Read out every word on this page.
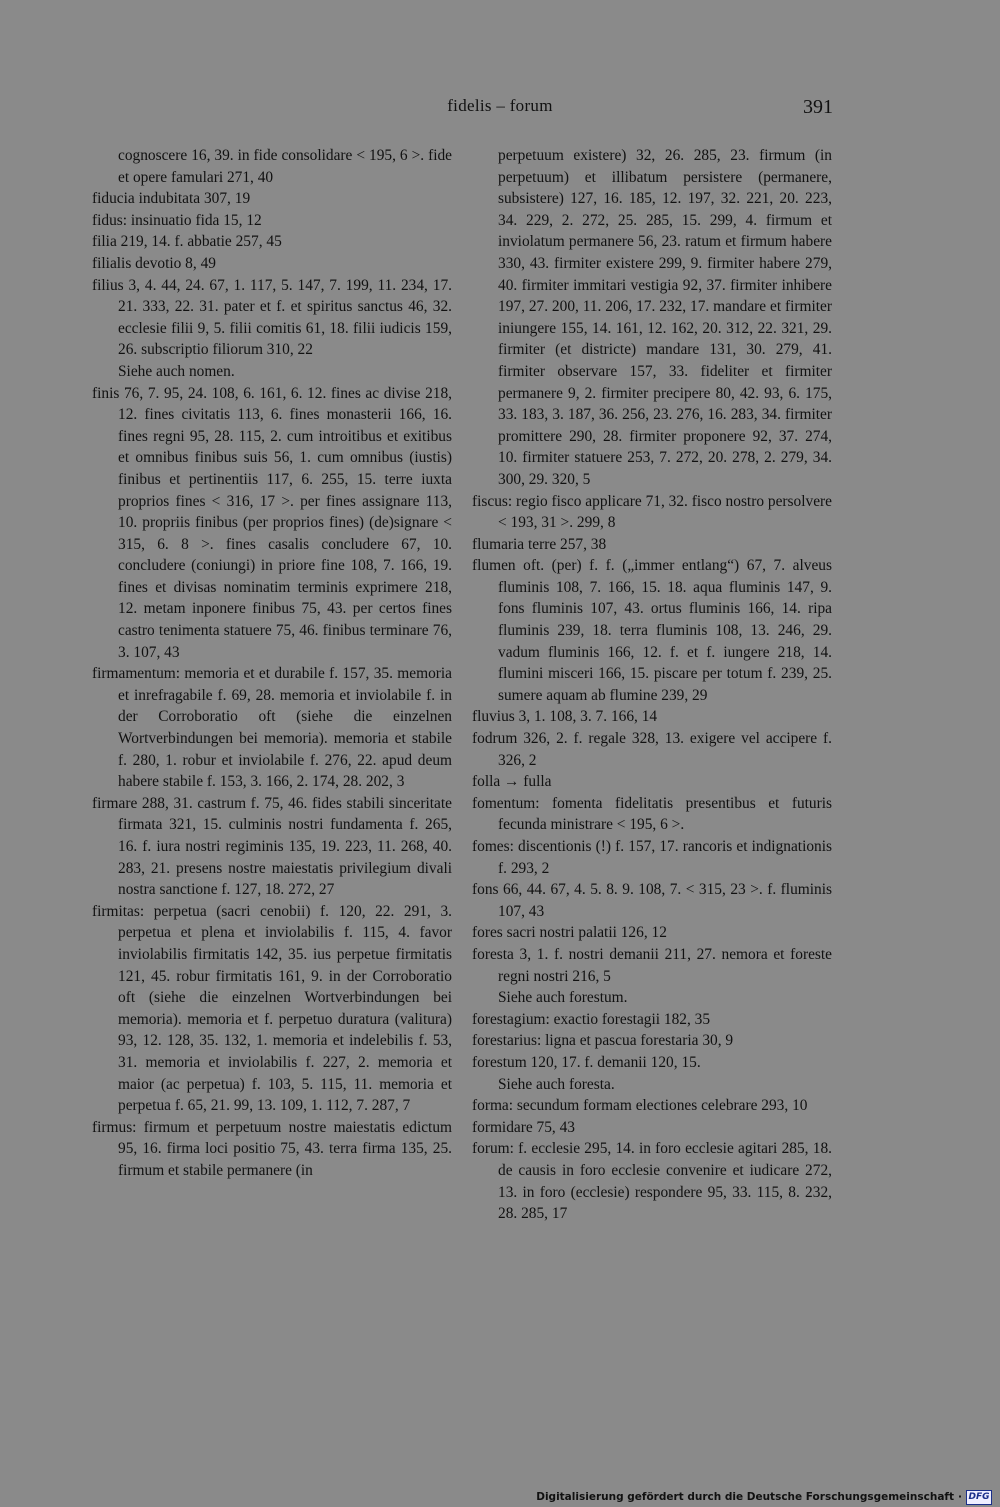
fidelis – forum	391
cognoscere 16, 39. in fide consolidare < 195, 6 >. fide et opere famulari 271, 40
fiducia indubitata 307, 19
fidus: insinuatio fida 15, 12
filia 219, 14. f. abbatie 257, 45
filialis devotio 8, 49
filius 3, 4. 44, 24. 67, 1. 117, 5. 147, 7. 199, 11. 234, 17. 21. 333, 22. 31. pater et f. et spiritus sanctus 46, 32. ecclesie filii 9, 5. filii comitis 61, 18. filii iudicis 159, 26. subscriptio filiorum 310, 22
Siehe auch nomen.
finis 76, 7. 95, 24. 108, 6. 161, 6. 12. fines ac divise 218, 12. fines civitatis 113, 6. fines monasterii 166, 16. fines regni 95, 28. 115, 2. cum introitibus et exitibus et omnibus finibus suis 56, 1. cum omnibus (iustis) finibus et pertinentiis 117, 6. 255, 15. terre iuxta proprios fines < 316, 17 >. per fines assignare 113, 10. propriis finibus (per proprios fines) (de)signare < 315, 6. 8 >. fines casalis concludere 67, 10. concludere (coniungi) in priore fine 108, 7. 166, 19. fines et divisas nominatim terminis exprimere 218, 12. metam inponere finibus 75, 43. per certos fines castro tenimenta statuere 75, 46. finibus terminare 76, 3. 107, 43
firmamentum: memoria et et durabile f. 157, 35. memoria et inrefragabile f. 69, 28. memoria et inviolabile f. in der Corroboratio oft (siehe die einzelnen Wortverbindungen bei memoria). memoria et stabile f. 280, 1. robur et inviolabile f. 276, 22. apud deum habere stabile f. 153, 3. 166, 2. 174, 28. 202, 3
firmare 288, 31. castrum f. 75, 46. fides stabili sinceritate firmata 321, 15. culminis nostri fundamenta f. 265, 16. f. iura nostri regiminis 135, 19. 223, 11. 268, 40. 283, 21. presens nostre maiestatis privilegium divali nostra sanctione f. 127, 18. 272, 27
firmitas: perpetua (sacri cenobii) f. 120, 22. 291, 3. perpetua et plena et inviolabilis f. 115, 4. favor inviolabilis firmitatis 142, 35. ius perpetue firmitatis 121, 45. robur firmitatis 161, 9. in der Corroboratio oft (siehe die einzelnen Wortverbindungen bei memoria). memoria et f. perpetuo duratura (valitura) 93, 12. 128, 35. 132, 1. memoria et indelebilis f. 53, 31. memoria et inviolabilis f. 227, 2. memoria et maior (ac perpetua) f. 103, 5. 115, 11. memoria et perpetua f. 65, 21. 99, 13. 109, 1. 112, 7. 287, 7
firmus: firmum et perpetuum nostre maiestatis edictum 95, 16. firma loci positio 75, 43. terra firma 135, 25. firmum et stabile permanere (in
perpetuum existere) 32, 26. 285, 23. firmum (in perpetuum) et illibatum persistere (permanere, subsistere) 127, 16. 185, 12. 197, 32. 221, 20. 223, 34. 229, 2. 272, 25. 285, 15. 299, 4. firmum et inviolatum permanere 56, 23. ratum et firmum habere 330, 43. firmiter existere 299, 9. firmiter habere 279, 40. firmiter immitari vestigia 92, 37. firmiter inhibere 197, 27. 200, 11. 206, 17. 232, 17. mandare et firmiter iniungere 155, 14. 161, 12. 162, 20. 312, 22. 321, 29. firmiter (et districte) mandare 131, 30. 279, 41. firmiter observare 157, 33. fideliter et firmiter permanere 9, 2. firmiter precipere 80, 42. 93, 6. 175, 33. 183, 3. 187, 36. 256, 23. 276, 16. 283, 34. firmiter promittere 290, 28. firmiter proponere 92, 37. 274, 10. firmiter statuere 253, 7. 272, 20. 278, 2. 279, 34. 300, 29. 320, 5
fiscus: regio fisco applicare 71, 32. fisco nostro persolvere < 193, 31 >. 299, 8
flumaria terre 257, 38
flumen oft. (per) f. f. („immer entlang“) 67, 7. alveus fluminis 108, 7. 166, 15. 18. aqua fluminis 147, 9. fons fluminis 107, 43. ortus fluminis 166, 14. ripa fluminis 239, 18. terra fluminis 108, 13. 246, 29. vadum fluminis 166, 12. f. et f. iungere 218, 14. flumini misceri 166, 15. piscare per totum f. 239, 25. sumere aquam ab flumine 239, 29
fluvius 3, 1. 108, 3. 7. 166, 14
fodrum 326, 2. f. regale 328, 13. exigere vel accipere f. 326, 2
folla → fulla
fomentum: fomenta fidelitatis presentibus et futuris fecunda ministrare < 195, 6 >.
fomes: discentionis (!) f. 157, 17. rancoris et indignationis f. 293, 2
fons 66, 44. 67, 4. 5. 8. 9. 108, 7. < 315, 23 >. f. fluminis 107, 43
fores sacri nostri palatii 126, 12
foresta 3, 1. f. nostri demanii 211, 27. nemora et foreste regni nostri 216, 5
Siehe auch forestum.
forestagium: exactio forestagii 182, 35
forestarius: ligna et pascua forestaria 30, 9
forestum 120, 17. f. demanii 120, 15.
Siehe auch foresta.
forma: secundum formam electiones celebrare 293, 10
formidare 75, 43
forum: f. ecclesie 295, 14. in foro ecclesie agitari 285, 18. de causis in foro ecclesie convenire et iudicare 272, 13. in foro (ecclesie) respondere 95, 33. 115, 8. 232, 28. 285, 17
Digitalisierung gefördert durch die Deutsche Forschungsgemeinschaft · DFG
